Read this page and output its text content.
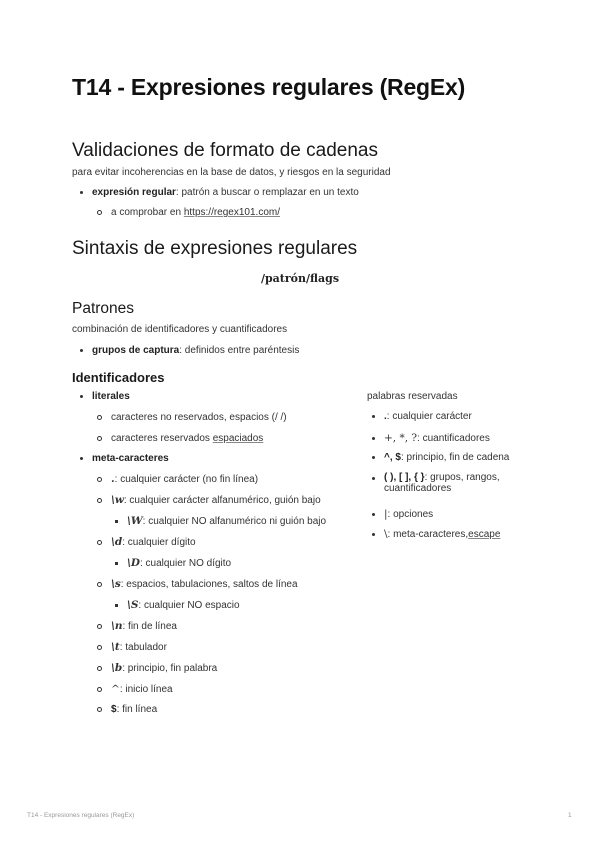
T14 - Expresiones regulares (RegEx)
Validaciones de formato de cadenas
para evitar incoherencias en la base de datos, y riesgos en la seguridad
expresión regular : patrón a buscar o remplazar en un texto
a comprobar en
https://regex101.com/
Sintaxis de expresiones regulares
/patrón/flags
Patrones
combinación de identificadores y cuantificadores
grupos de captura : definidos entre paréntesis
Identificadores
literales
caracteres no reservados, espacios (/ /)
caracteres reservados
espaciados
meta-caracteres
. : cualquier carácter (no fin línea)
\w : cualquier carácter alfanumérico, guión bajo
\W : cualquier NO alfanumérico ni guión bajo
\d : cualquier dígito
\D : cualquier NO dígito
\s : espacios, tabulaciones, saltos de línea
\S : cualquier NO espacio
\n : fin de línea
\t : tabulador
\b : principio, fin palabra
^ : inicio línea
$ : fin línea
palabras reservadas
. : cualquier carácter
+, *, ? : cuantificadores
^, $ : principio, fin de cadena
( ), [ ], { }: grupos, rangos,
cuantificadores
| : opciones
\ : meta-caracteres, escape
T14 - Expresiones regulares (RegEx)	1
